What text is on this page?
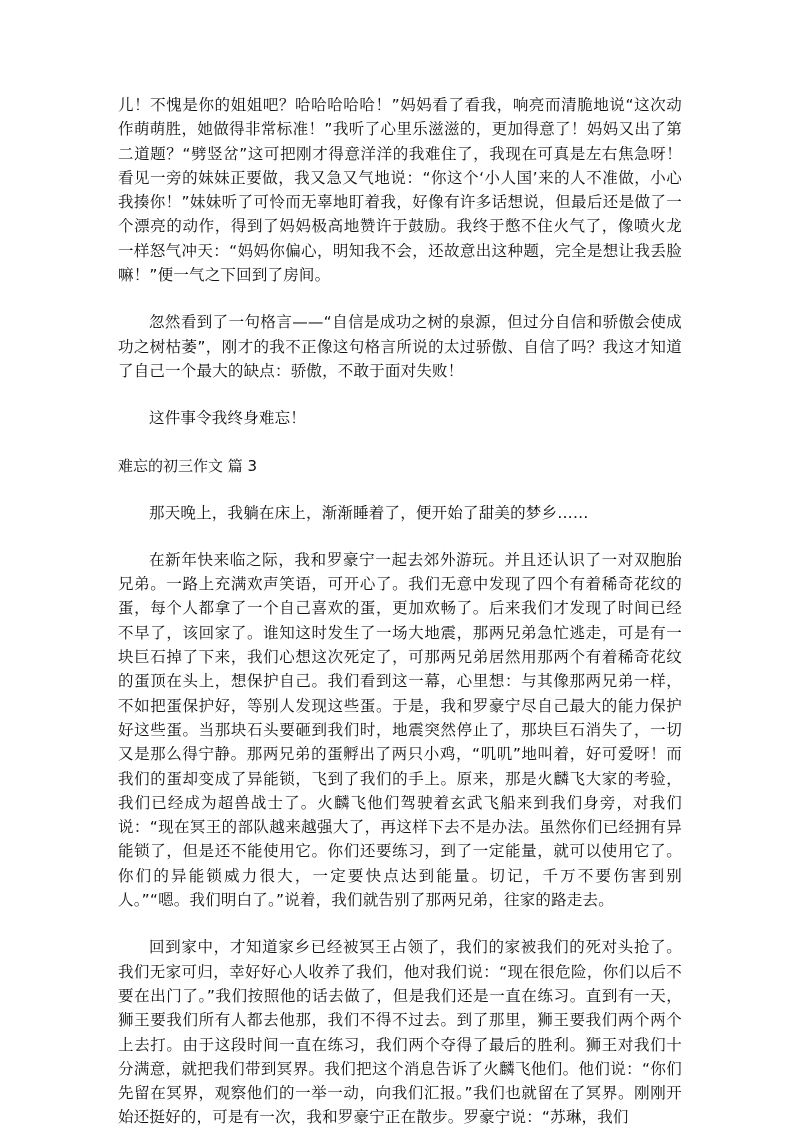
儿！不愧是你的姐姐吧？哈哈哈哈哈！”妈妈看了看我，响亮而清脆地说“这次动作萌萌胜，她做得非常标准！”我听了心里乐滋滋的，更加得意了！妈妈又出了第二道题？“劈竖岔”这可把刚才得意洋洋的我难住了，我现在可真是左右焦急呀！看见一旁的妹妹正要做，我又急又气地说：“你这个‘小人国’来的人不准做，小心我揍你！”妹妹听了可怜而无辜地盯着我，好像有许多话想说，但最后还是做了一个漂亮的动作，得到了妈妈极高地赞许于鼓励。我终于憋不住火气了，像喷火龙一样怒气冲天：“妈妈你偏心，明知我不会，还故意出这种题，完全是想让我丢脸嘛！”便一气之下回到了房间。

忽然看到了一句格言——“自信是成功之树的泉源，但过分自信和骄傲会使成功之树枯萎”，刚才的我不正像这句格言所说的太过骄傲、自信了吗？我这才知道了自己一个最大的缺点：骄傲，不敢于面对失败！

这件事令我终身难忘！

难忘的初三作文 篇 3

那天晚上，我躺在床上，渐渐睡着了，便开始了甜美的梦乡……

在新年快来临之际，我和罗豪宁一起去郊外游玩。并且还认识了一对双胞胎兄弟。一路上充满欢声笑语，可开心了。我们无意中发现了四个有着稀奇花纹的蛋，每个人都拿了一个自己喜欢的蛋，更加欢畅了。后来我们才发现了时间已经不早了，该回家了。谁知这时发生了一场大地震，那两兄弟急忙逃走，可是有一块巨石掉了下来，我们心想这次死定了，可那两兄弟居然用那两个有着稀奇花纹的蛋顶在头上，想保护自己。我们看到这一幕，心里想：与其像那两兄弟一样，不如把蛋保护好，等别人发现这些蛋。于是，我和罗豪宁尽自己最大的能力保护好这些蛋。当那块石头要砸到我们时，地震突然停止了，那块巨石消失了，一切又是那么得宁静。那两兄弟的蛋孵出了两只小鸡，“叽叽”地叫着，好可爱呀！而我们的蛋却变成了异能锁，飞到了我们的手上。原来，那是火麟飞大家的考验，我们已经成为超兽战士了。火麟飞他们驾驶着玄武飞船来到我们身旁，对我们说：“现在冥王的部队越来越强大了，再这样下去不是办法。虽然你们已经拥有异能锁了，但是还不能使用它。你们还要练习，到了一定能量，就可以使用它了。你们的异能锁威力很大，一定要快点达到能量。切记，千万不要伤害到别人。”“嗯。我们明白了。”说着，我们就告别了那两兄弟，往家的路走去。

回到家中，才知道家乡已经被冥王占领了，我们的家被我们的死对头抢了。我们无家可归，幸好好心人收养了我们，他对我们说：“现在很危险，你们以后不要在出门了。”我们按照他的话去做了，但是我们还是一直在练习。直到有一天，狮王要我们所有人都去他那，我们不得不过去。到了那里，狮王要我们两个两个上去打。由于这段时间一直在练习，我们两个夺得了最后的胜利。狮王对我们十分满意，就把我们带到冥界。我们把这个消息告诉了火麟飞他们。他们说：“你们先留在冥界，观察他们的一举一动，向我们汇报。”我们也就留在了冥界。刚刚开始还挺好的，可是有一次，我和罗豪宁正在散步。罗豪宁说：“苏琳，我们
